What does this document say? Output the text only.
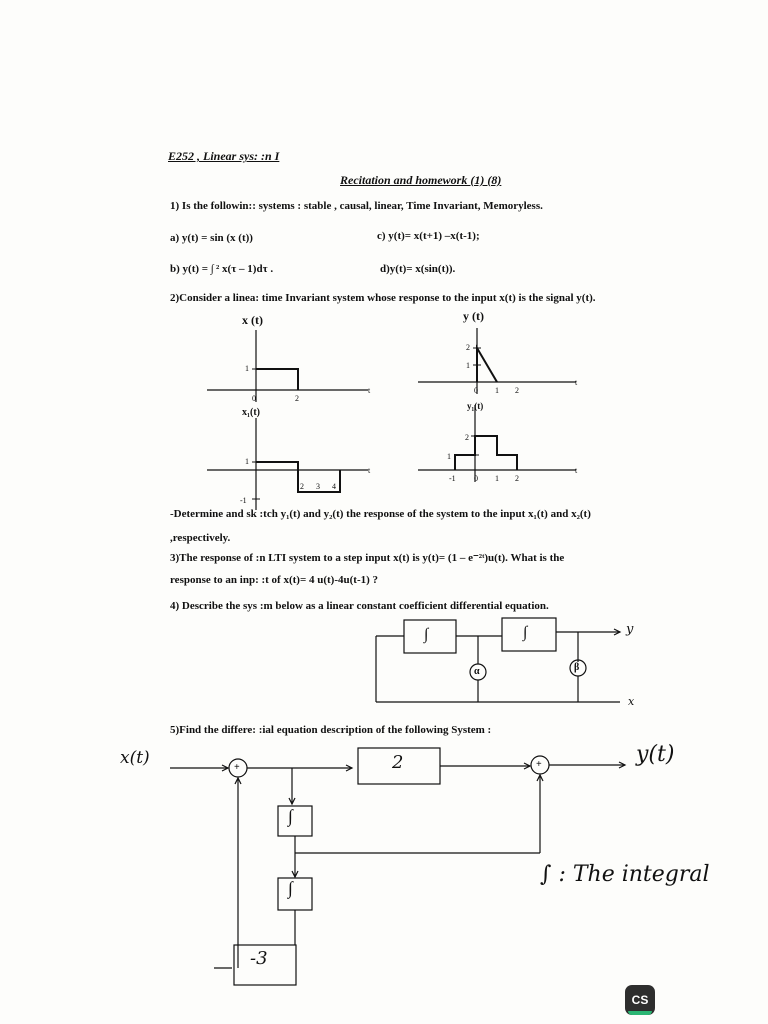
E252 , Linear sys: :n I
Recitation and homework (1) (8)
1) Is the followin:: systems : stable , causal, linear, Time Invariant, Memoryless.
a) y(t) = sin (x (t))	c) y(t)= x(t+1) –x(t-1);
b) y(t) = ∫ ² x(τ – 1)dτ .	d)y(t)= x(sin(t)).
2)Consider a linea: time Invariant system whose response to the input x(t) is the signal y(t).
x (t)	y (t)
x₁(t)
y₁(t)
1
0	2
t
2
1
0 1 2
t
1
-1
2 3 4
t
2
1
-1 0 1 2
t
-Determine and sk :tch y₁(t) and y₂(t) the response of the system to the input x₁(t) and x₂(t)
,respectively.
3)The response of :n LTI system to a step input x(t) is y(t)= (1 – e⁻²ᵗ)u(t). What is the
response to an inp: :t of x(t)= 4 u(t)-4u(t-1) ?
4) Describe the sys :m below as a linear constant coefficient differential equation.
∫	∫
α	β
y
x
5)Find the differe: :ial equation description of the following System :
+	+
2
∫
∫
-3
x(t)	y(t)
∫ : The integral
CS
